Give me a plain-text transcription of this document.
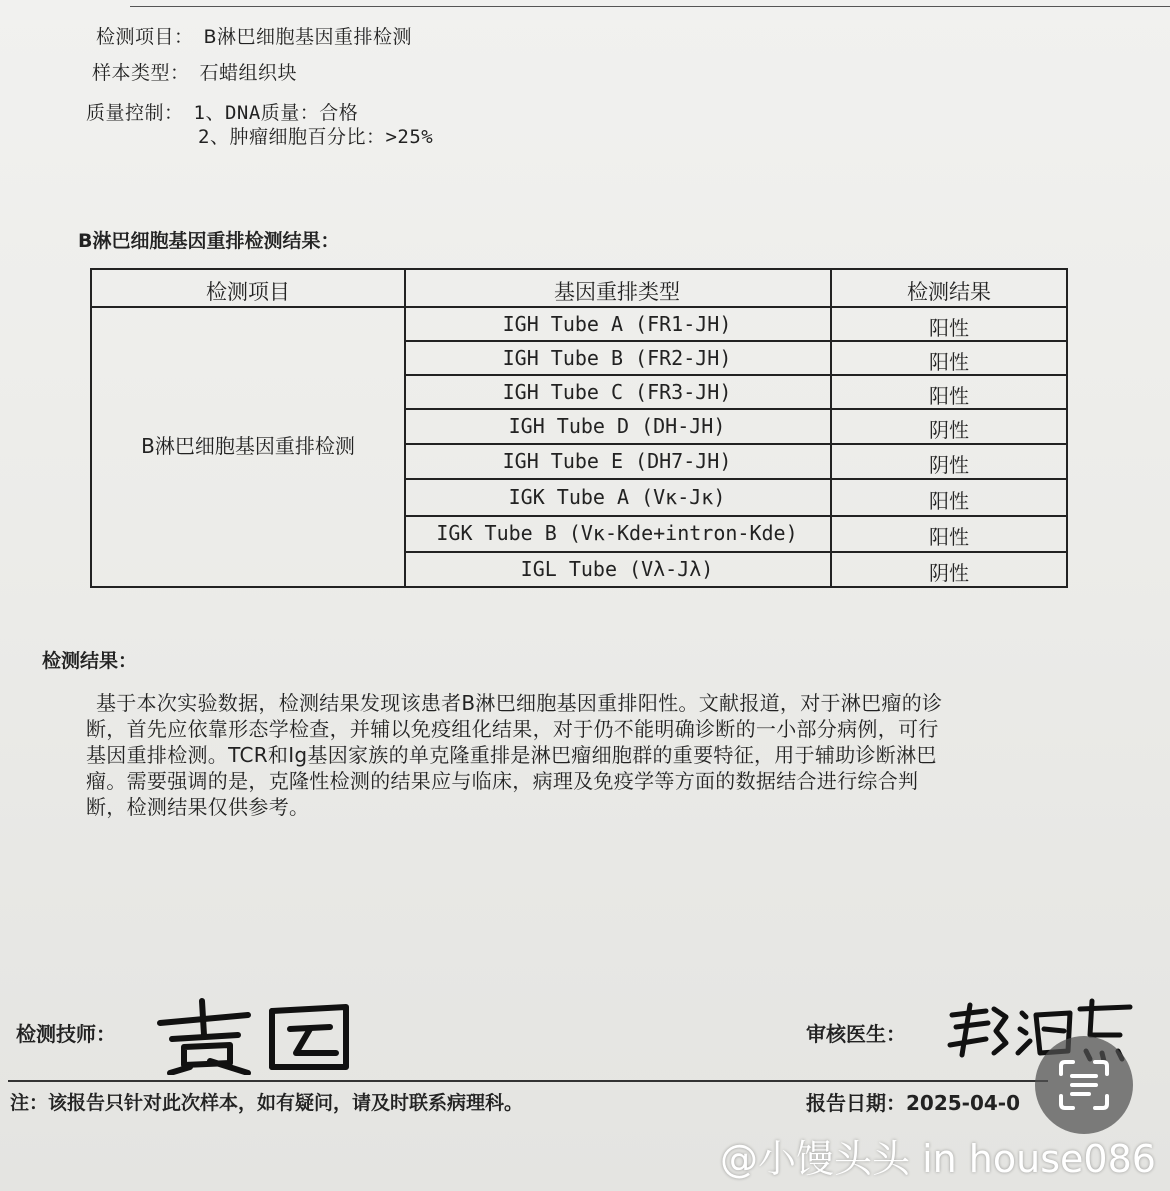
检测项目： B淋巴细胞基因重排检测
样本类型： 石蜡组织块
质量控制： 1、DNA质量：合格
2、肿瘤细胞百分比：>25%
B淋巴细胞基因重排检测结果：
检测项目	基因重排类型	检测结果
B淋巴细胞基因重排检测
IGH Tube A (FR1-JH)	阳性
IGH Tube B (FR2-JH)	阳性
IGH Tube C (FR3-JH)	阳性
IGH Tube D (DH-JH)	阴性
IGH Tube E (DH7-JH)	阴性
IGK Tube A (Vκ-Jκ)	阳性
IGK Tube B (Vκ-Kde+intron-Kde)	阳性
IGL Tube (Vλ-Jλ)	阴性
检测结果：
基于本次实验数据，检测结果发现该患者B淋巴细胞基因重排阳性。文献报道，对于淋巴瘤的诊
断，首先应依靠形态学检查，并辅以免疫组化结果，对于仍不能明确诊断的一小部分病例，可行
基因重排检测。TCR和Ig基因家族的单克隆重排是淋巴瘤细胞群的重要特征，用于辅助诊断淋巴
瘤。需要强调的是，克隆性检测的结果应与临床，病理及免疫学等方面的数据结合进行综合判
断，检测结果仅供参考。
检测技师：	审核医生：
注：该报告只针对此次样本，如有疑问，请及时联系病理科。	报告日期：2025-04-0
@小馒头头 in house086
